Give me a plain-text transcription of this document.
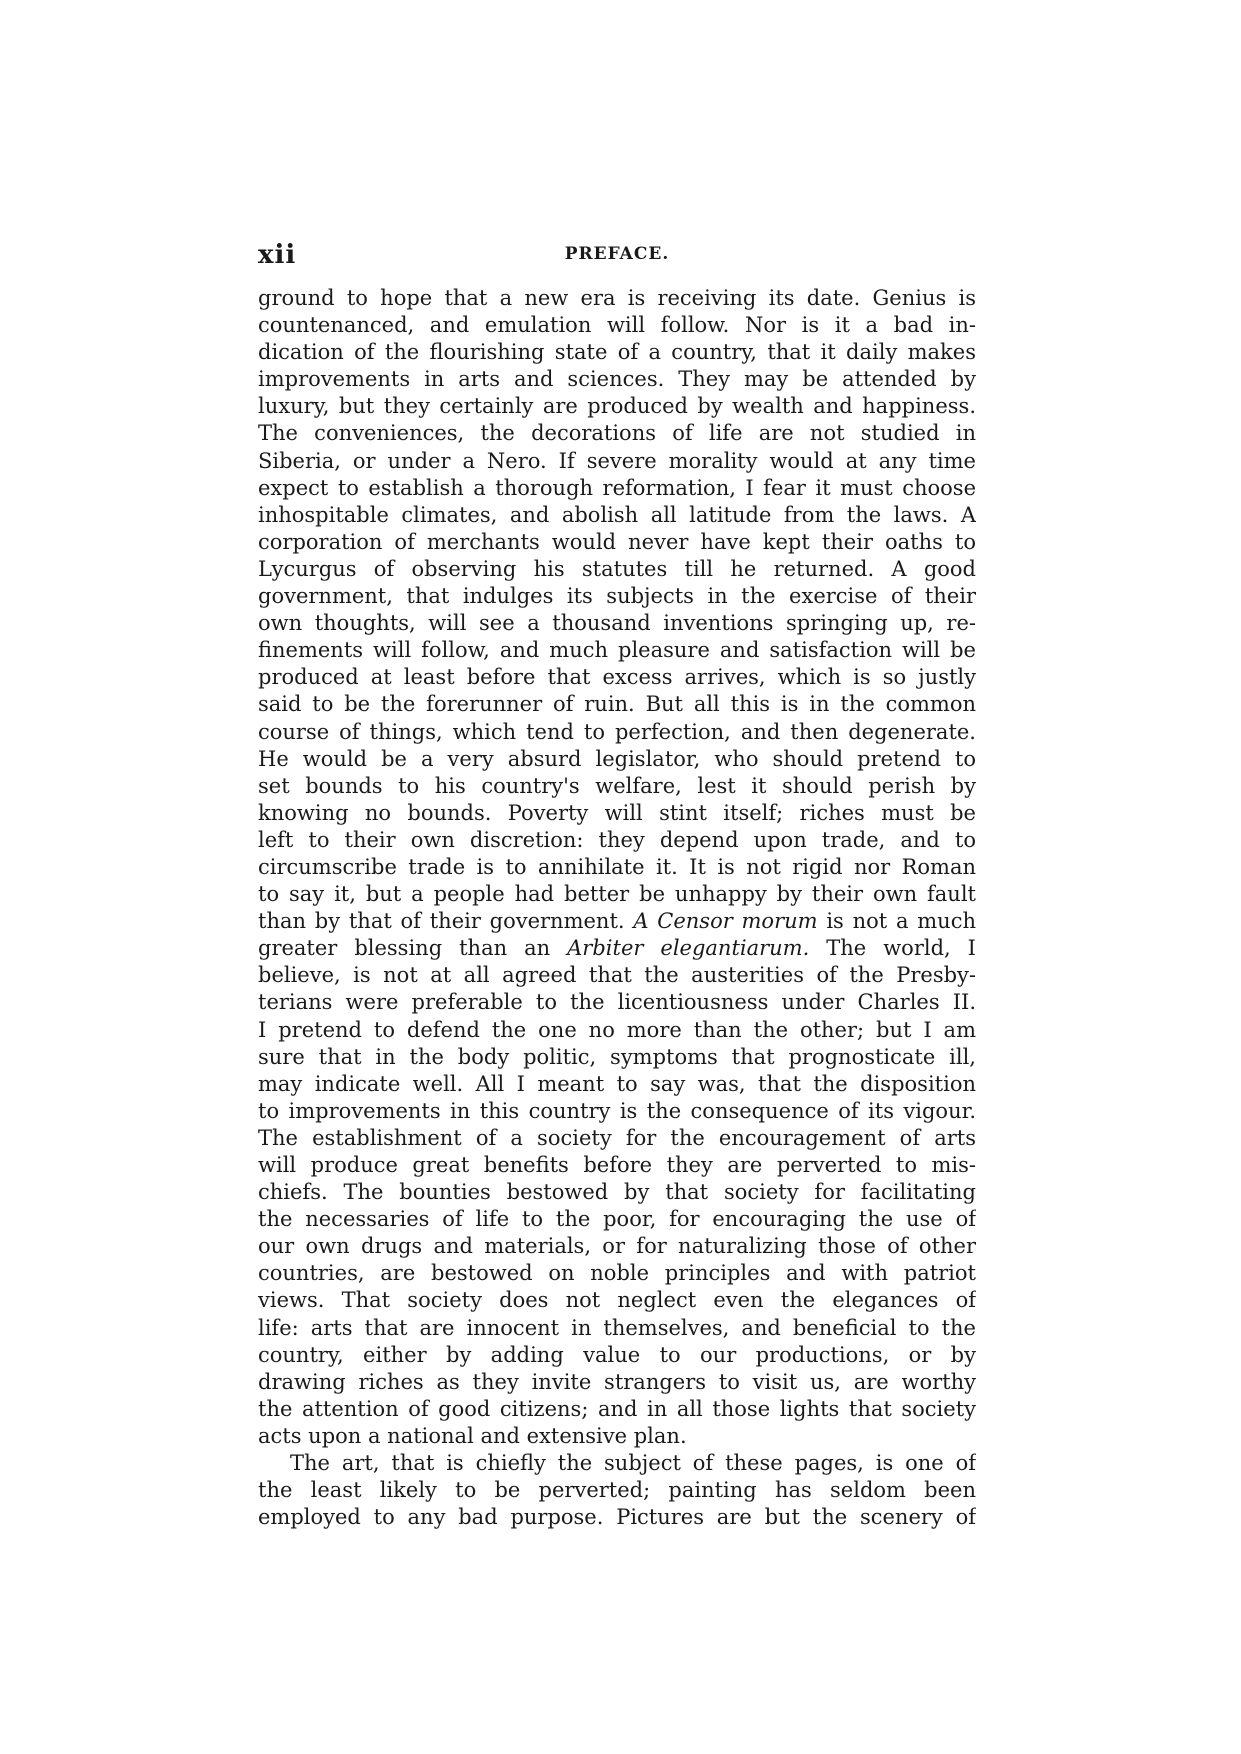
xii	PREFACE.
ground to hope that a new era is receiving its date. Genius is
countenanced, and emulation will follow. Nor is it a bad in-
dication of the flourishing state of a country, that it daily makes
improvements in arts and sciences. They may be attended by
luxury, but they certainly are produced by wealth and happiness.
The conveniences, the decorations of life are not studied in
Siberia, or under a Nero. If severe morality would at any time
expect to establish a thorough reformation, I fear it must choose
inhospitable climates, and abolish all latitude from the laws. A
corporation of merchants would never have kept their oaths to
Lycurgus of observing his statutes till he returned. A good
government, that indulges its subjects in the exercise of their
own thoughts, will see a thousand inventions springing up, re-
finements will follow, and much pleasure and satisfaction will be
produced at least before that excess arrives, which is so justly
said to be the forerunner of ruin. But all this is in the common
course of things, which tend to perfection, and then degenerate.
He would be a very absurd legislator, who should pretend to
set bounds to his country's welfare, lest it should perish by
knowing no bounds. Poverty will stint itself; riches must be
left to their own discretion: they depend upon trade, and to
circumscribe trade is to annihilate it. It is not rigid nor Roman
to say it, but a people had better be unhappy by their own fault
than by that of their government. A Censor morum is not a much
greater blessing than an Arbiter elegantiarum. The world, I
believe, is not at all agreed that the austerities of the Presby-
terians were preferable to the licentiousness under Charles II.
I pretend to defend the one no more than the other; but I am
sure that in the body politic, symptoms that prognosticate ill,
may indicate well. All I meant to say was, that the disposition
to improvements in this country is the consequence of its vigour.
The establishment of a society for the encouragement of arts
will produce great benefits before they are perverted to mis-
chiefs. The bounties bestowed by that society for facilitating
the necessaries of life to the poor, for encouraging the use of
our own drugs and materials, or for naturalizing those of other
countries, are bestowed on noble principles and with patriot
views. That society does not neglect even the elegances of
life: arts that are innocent in themselves, and beneficial to the
country, either by adding value to our productions, or by
drawing riches as they invite strangers to visit us, are worthy
the attention of good citizens; and in all those lights that society
acts upon a national and extensive plan.
The art, that is chiefly the subject of these pages, is one of
the least likely to be perverted; painting has seldom been
employed to any bad purpose. Pictures are but the scenery of
